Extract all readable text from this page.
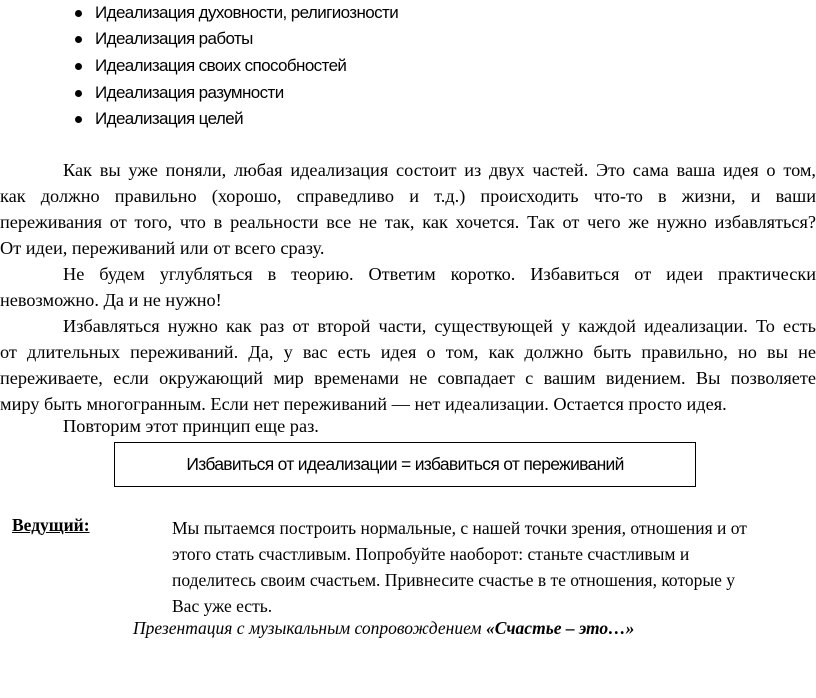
Идеализация духовности, религиозности
Идеализация работы
Идеализация своих способностей
Идеализация разумности
Идеализация целей
Как вы уже поняли, любая идеализация состоит из двух частей. Это сама ваша идея о том,
как должно правильно (хорошо, справедливо и т.д.) происходить что-то в жизни, и ваши
переживания от того, что в реальности все не так, как хочется. Так от чего же нужно избавляться?
От идеи, переживаний или от всего сразу.
Не будем углубляться в теорию. Ответим коротко. Избавиться от идеи практически
невозможно. Да и не нужно!
Избавляться нужно как раз от второй части, существующей у каждой идеализации. То есть
от длительных переживаний. Да, у вас есть идея о том, как должно быть правильно, но вы не
переживаете, если окружающий мир временами не совпадает с вашим видением. Вы позволяете
миру быть многогранным. Если нет переживаний — нет идеализации. Остается просто идея.
Повторим этот принцип еще раз.
Избавиться от идеализации = избавиться от переживаний
Ведущий:	Мы пытаемся построить нормальные, с нашей точки зрения, отношения и от
этого стать счастливым. Попробуйте наоборот: станьте счастливым и
поделитесь своим счастьем. Привнесите счастье в те отношения, которые у
Вас уже есть.
Презентация с музыкальным сопровождением «Счастье – это…»
